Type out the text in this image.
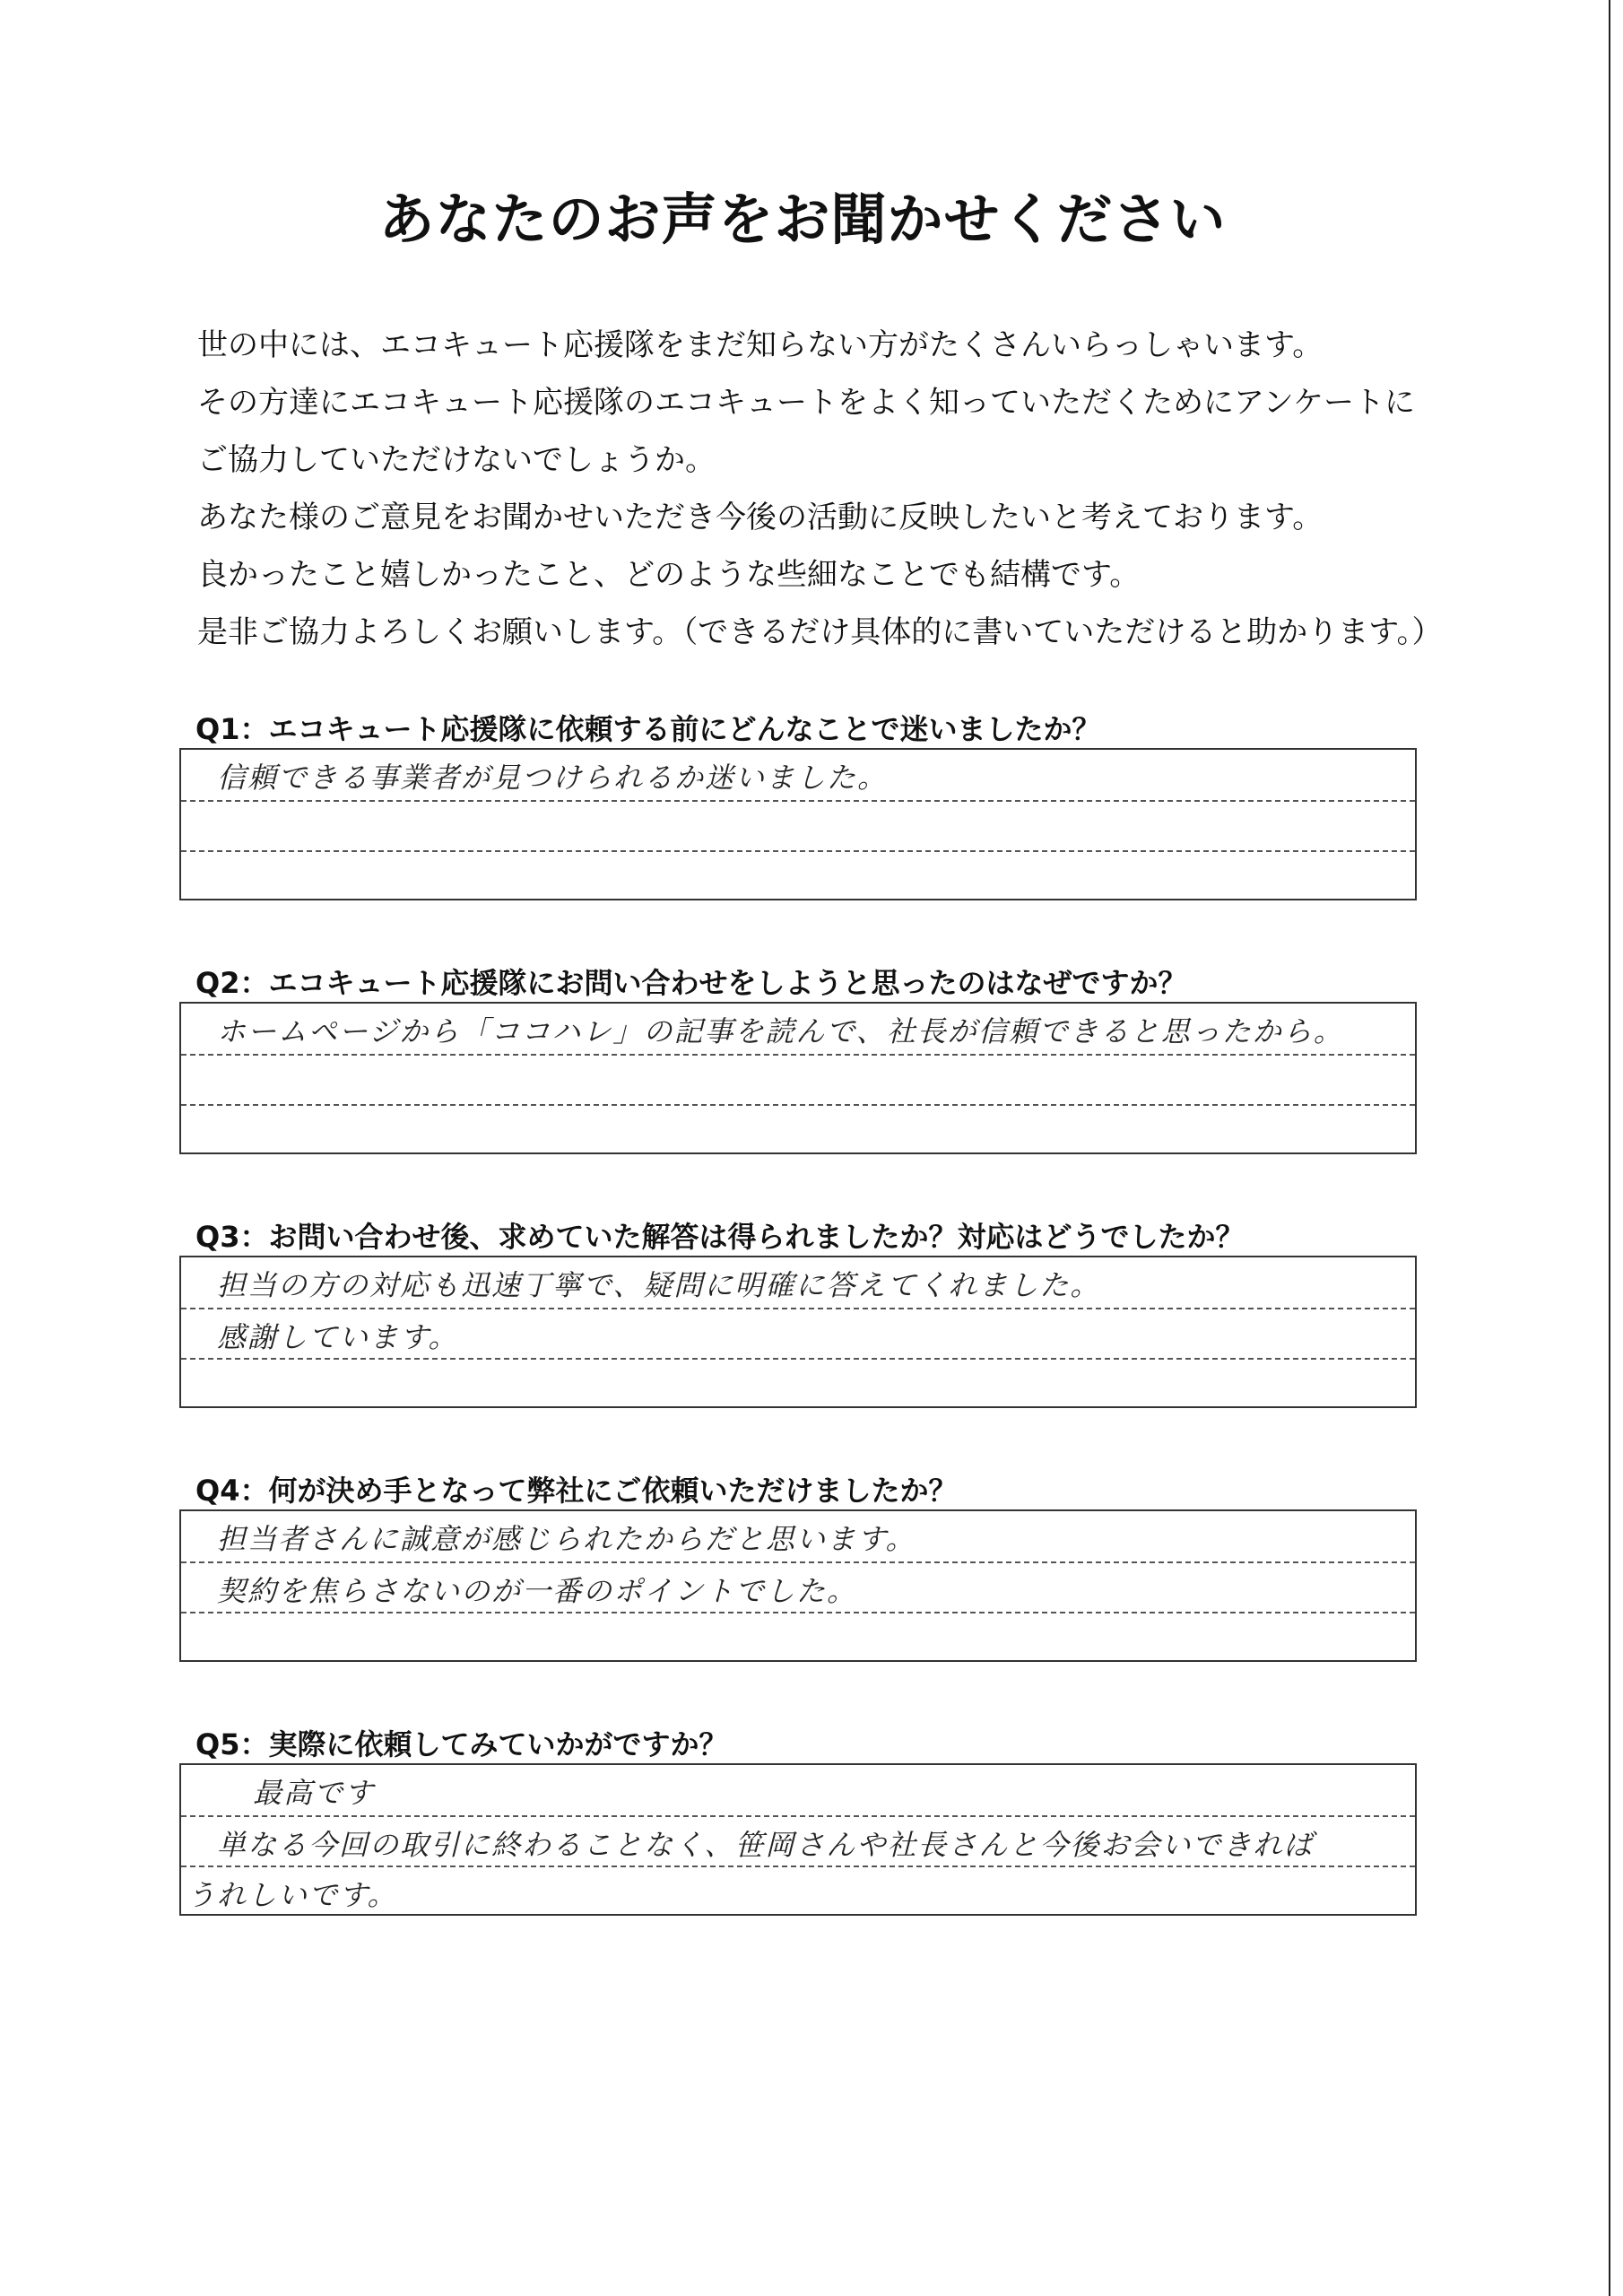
あなたのお声をお聞かせください
世の中には、エコキュート応援隊をまだ知らない方がたくさんいらっしゃいます。
その方達にエコキュート応援隊のエコキュートをよく知っていただくためにアンケートに
ご協力していただけないでしょうか。
あなた様のご意見をお聞かせいただき今後の活動に反映したいと考えております。
良かったこと嬉しかったこと、どのような些細なことでも結構です。
是非ご協力よろしくお願いします。（できるだけ具体的に書いていただけると助かります。）
Q1：エコキュート応援隊に依頼する前にどんなことで迷いましたか？
信頼できる事業者が見つけられるか迷いました。
Q2：エコキュート応援隊にお問い合わせをしようと思ったのはなぜですか？
ホームページから「ココハレ」の記事を読んで、社長が信頼できると思ったから。
Q3：お問い合わせ後、求めていた解答は得られましたか？対応はどうでしたか？
担当の方の対応も迅速丁寧で、疑問に明確に答えてくれました。
感謝しています。
Q4：何が決め手となって弊社にご依頼いただけましたか？
担当者さんに誠意が感じられたからだと思います。
契約を焦らさないのが一番のポイントでした。
Q5：実際に依頼してみていかがですか？
最高です
単なる今回の取引に終わることなく、笹岡さんや社長さんと今後お会いできれば
うれしいです。
